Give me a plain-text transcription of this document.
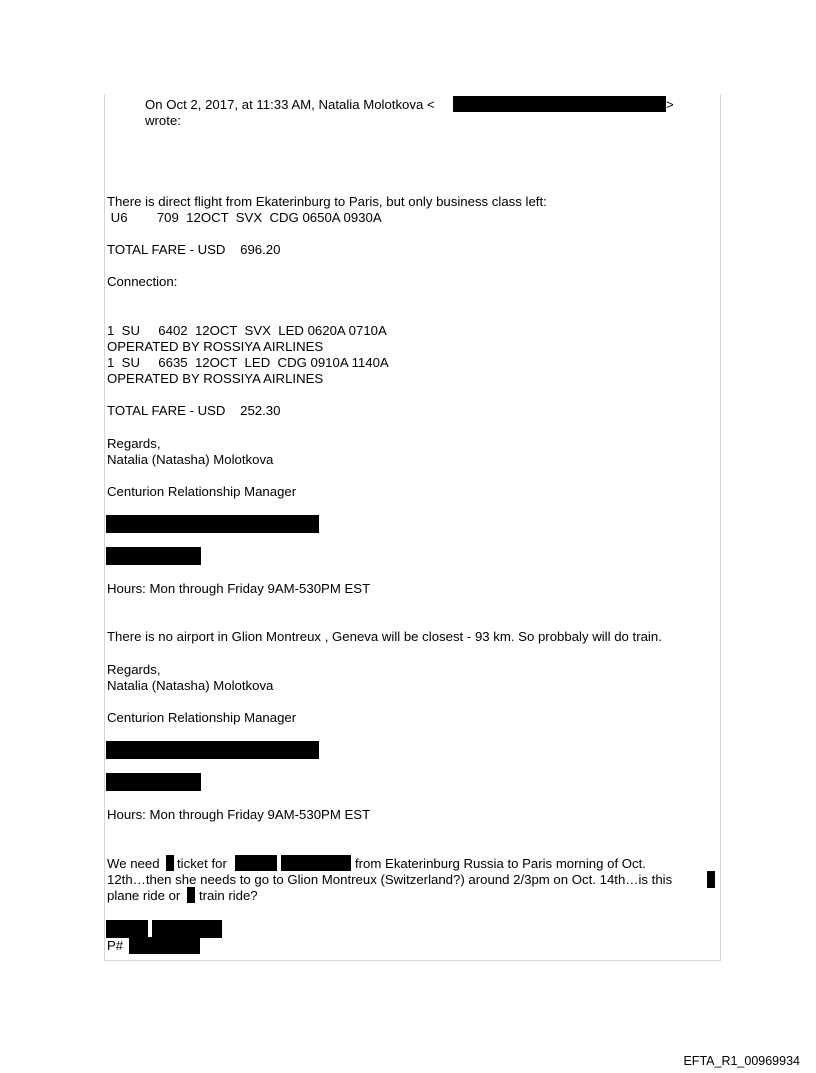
On Oct 2, 2017, at 11:33 AM, Natalia Molotkova <	>
wrote:
There is direct flight from Ekaterinburg to Paris, but only business class left:
U6        709  12OCT  SVX  CDG 0650A 0930A
TOTAL FARE - USD    696.20
Connection:
1  SU     6402  12OCT  SVX  LED 0620A 0710A
OPERATED BY ROSSIYA AIRLINES
1  SU     6635  12OCT  LED  CDG 0910A 1140A
OPERATED BY ROSSIYA AIRLINES
TOTAL FARE - USD    252.30
Regards,
Natalia (Natasha) Molotkova
Centurion Relationship Manager
Hours: Mon through Friday 9AM-530PM EST
There is no airport in Glion Montreux , Geneva will be closest - 93 km. So probbaly will do train.
Regards,
Natalia (Natasha) Molotkova
Centurion Relationship Manager
Hours: Mon through Friday 9AM-530PM EST
We need ticket for	from Ekaterinburg Russia to Paris morning of Oct.
12th…then she needs to go to Glion Montreux (Switzerland?) around 2/3pm on Oct. 14th…is this
plane ride or train ride?
P#
EFTA_R1_00969934
